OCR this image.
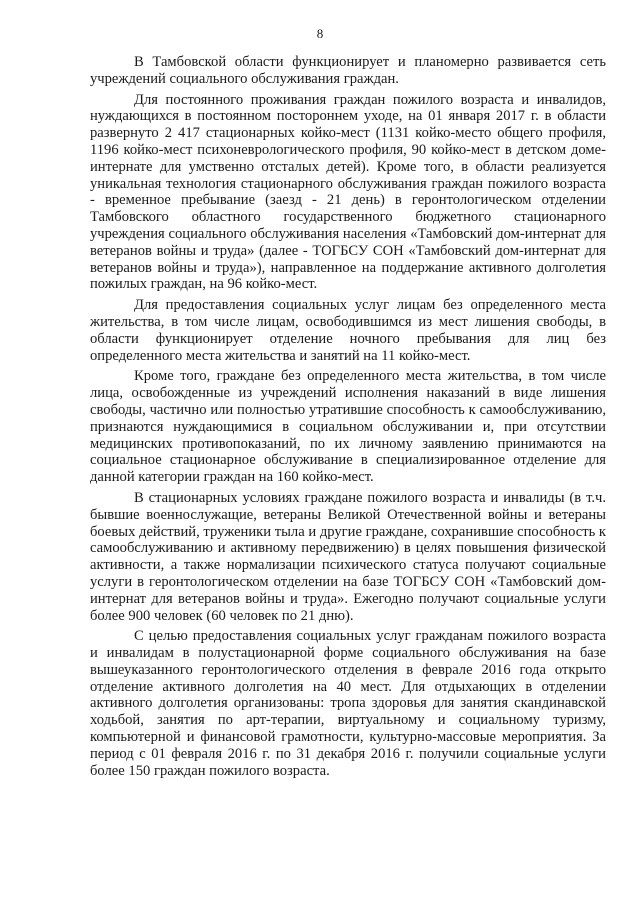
8

В Тамбовской области функционирует и планомерно развивается сеть учреждений социального обслуживания граждан.

Для постоянного проживания граждан пожилого возраста и инвалидов, нуждающихся в постоянном постороннем уходе, на 01 января 2017 г. в области развернуто 2 417 стационарных койко-мест (1131 койко-место общего профиля, 1196 койко-мест психоневрологического профиля, 90 койко-мест в детском доме-интернате для умственно отсталых детей). Кроме того, в области реализуется уникальная технология стационарного обслуживания граждан пожилого возраста - временное пребывание (заезд - 21 день) в геронтологическом отделении Тамбовского областного государственного бюджетного стационарного учреждения социального обслуживания населения «Тамбовский дом-интернат для ветеранов войны и труда» (далее - ТОГБСУ СОН «Тамбовский дом-интернат для ветеранов войны и труда»), направленное на поддержание активного долголетия пожилых граждан, на 96 койко-мест.

Для предоставления социальных услуг лицам без определенного места жительства, в том числе лицам, освободившимся из мест лишения свободы, в области функционирует отделение ночного пребывания для лиц без определенного места жительства и занятий на 11 койко-мест.

Кроме того, граждане без определенного места жительства, в том числе лица, освобожденные из учреждений исполнения наказаний в виде лишения свободы, частично или полностью утратившие способность к самообслуживанию, признаются нуждающимися в социальном обслуживании и, при отсутствии медицинских противопоказаний, по их личному заявлению принимаются на социальное стационарное обслуживание в специализированное отделение для данной категории граждан на 160 койко-мест.

В стационарных условиях граждане пожилого возраста и инвалиды (в т.ч. бывшие военнослужащие, ветераны Великой Отечественной войны и ветераны боевых действий, труженики тыла и другие граждане, сохранившие способность к самообслуживанию и активному передвижению) в целях повышения физической активности, а также нормализации психического статуса получают социальные услуги в геронтологическом отделении на базе ТОГБСУ СОН «Тамбовский дом-интернат для ветеранов войны и труда». Ежегодно получают социальные услуги более 900 человек (60 человек по 21 дню).

С целью предоставления социальных услуг гражданам пожилого возраста и инвалидам в полустационарной форме социального обслуживания на базе вышеуказанного геронтологического отделения в феврале 2016 года открыто отделение активного долголетия на 40 мест. Для отдыхающих в отделении активного долголетия организованы: тропа здоровья для занятия скандинавской ходьбой, занятия по арт-терапии, виртуальному и социальному туризму, компьютерной и финансовой грамотности, культурно-массовые мероприятия. За период с 01 февраля 2016 г. по 31 декабря 2016 г. получили социальные услуги более 150 граждан пожилого возраста.
